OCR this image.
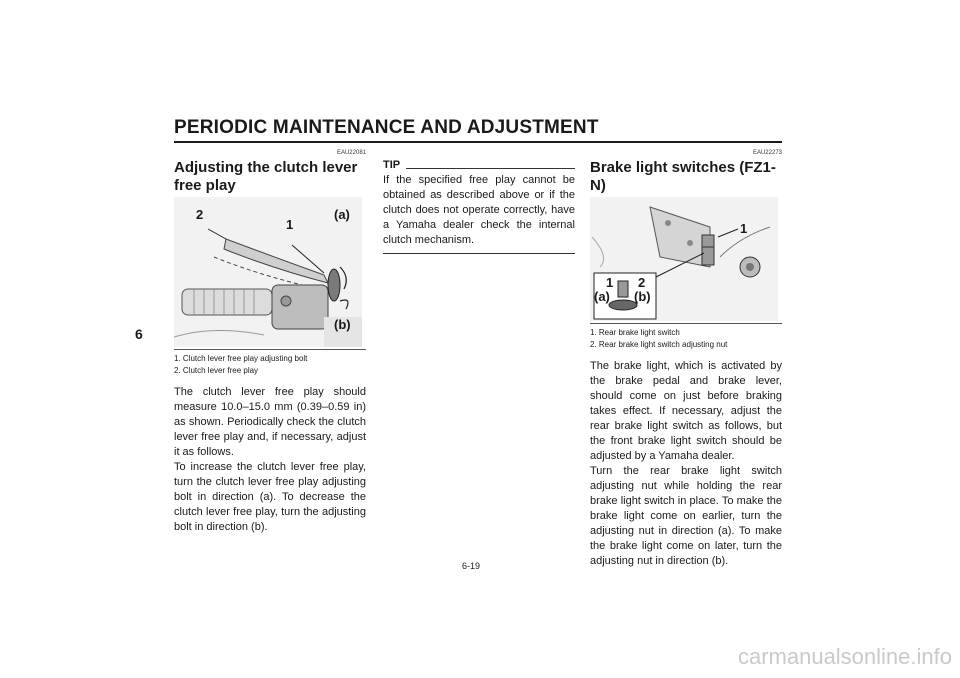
PERIODIC MAINTENANCE AND ADJUSTMENT
6
EAU22081
Adjusting the clutch lever free play
2
1
(a)
(b)
1. Clutch lever free play adjusting bolt
2. Clutch lever free play

The clutch lever free play should measure 10.0–15.0 mm (0.39–0.59 in) as shown. Periodically check the clutch lever free play and, if necessary, adjust it as follows.

To increase the clutch lever free play, turn the clutch lever free play adjusting bolt in direction (a). To decrease the clutch lever free play, turn the adjusting bolt in direction (b).

TIP
If the specified free play cannot be obtained as described above or if the clutch does not operate correctly, have a Yamaha dealer check the internal clutch mechanism.
EAU22273
Brake light switches (FZ1-N)
1
1 2
(a) (b)
1. Rear brake light switch
2. Rear brake light switch adjusting nut

The brake light, which is activated by the brake pedal and brake lever, should come on just before braking takes effect. If necessary, adjust the rear brake light switch as follows, but the front brake light switch should be adjusted by a Yamaha dealer.

Turn the rear brake light switch adjusting nut while holding the rear brake light switch in place. To make the brake light come on earlier, turn the adjusting nut in direction (a). To make the brake light come on later, turn the adjusting nut in direction (b).

6-19
carmanualsonline.info
